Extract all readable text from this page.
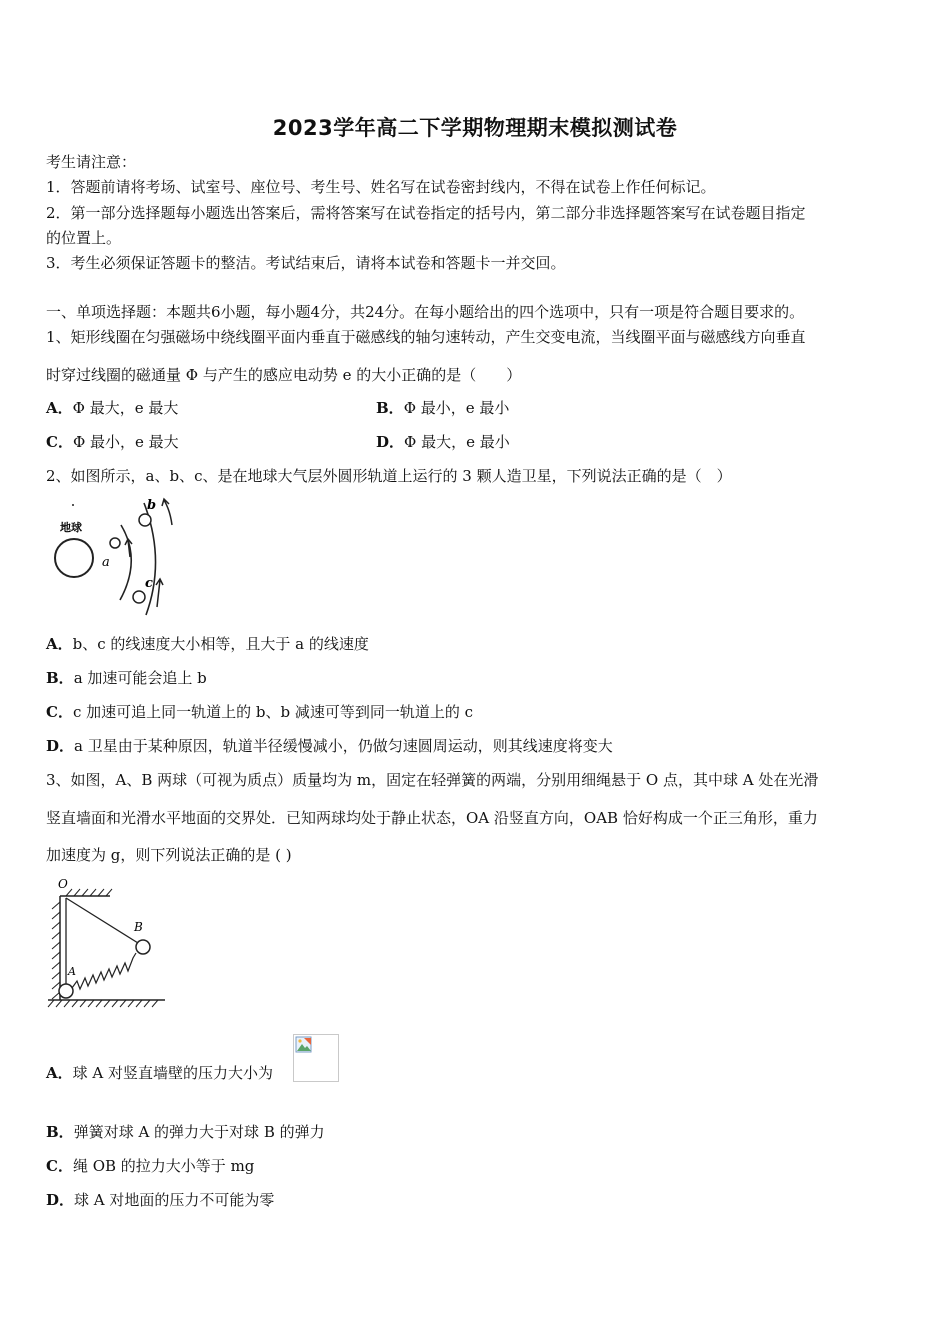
2023学年高二下学期物理期末模拟测试卷
考生请注意：
1．答题前请将考场、试室号、座位号、考生号、姓名写在试卷密封线内，不得在试卷上作任何标记。
2．第一部分选择题每小题选出答案后，需将答案写在试卷指定的括号内，第二部分非选择题答案写在试卷题目指定
的位置上。
3．考生必须保证答题卡的整洁。考试结束后，请将本试卷和答题卡一并交回。
一、单项选择题：本题共6小题，每小题4分，共24分。在每小题给出的四个选项中，只有一项是符合题目要求的。
1、矩形线圈在匀强磁场中绕线圈平面内垂直于磁感线的轴匀速转动，产生交变电流，当线圈平面与磁感线方向垂直
时穿过线圈的磁通量 Φ 与产生的感应电动势 e 的大小正确的是（　　）
A．Φ 最大，e 最大	B．Φ 最小，e 最小
C．Φ 最小，e 最大	D．Φ 最大，e 最小
2、如图所示，a、b、c、是在地球大气层外圆形轨道上运行的 3 颗人造卫星，下列说法正确的是（　）
地球
a
b
c
A．b、c 的线速度大小相等，且大于 a 的线速度
B．a 加速可能会追上 b
C．c 加速可追上同一轨道上的 b、b 减速可等到同一轨道上的 c
D．a 卫星由于某种原因，轨道半径缓慢减小，仍做匀速圆周运动，则其线速度将变大
3、如图，A、B 两球（可视为质点）质量均为 m，固定在轻弹簧的两端，分别用细绳悬于 O 点，其中球 A 处在光滑
竖直墙面和光滑水平地面的交界处．已知两球均处于静止状态，OA 沿竖直方向，OAB 恰好构成一个正三角形，重力
加速度为 g，则下列说法正确的是 ( )
O
A
B
A．球 A 对竖直墙壁的压力大小为
B．弹簧对球 A 的弹力大于对球 B 的弹力
C．绳 OB 的拉力大小等于 mg
D．球 A 对地面的压力不可能为零
